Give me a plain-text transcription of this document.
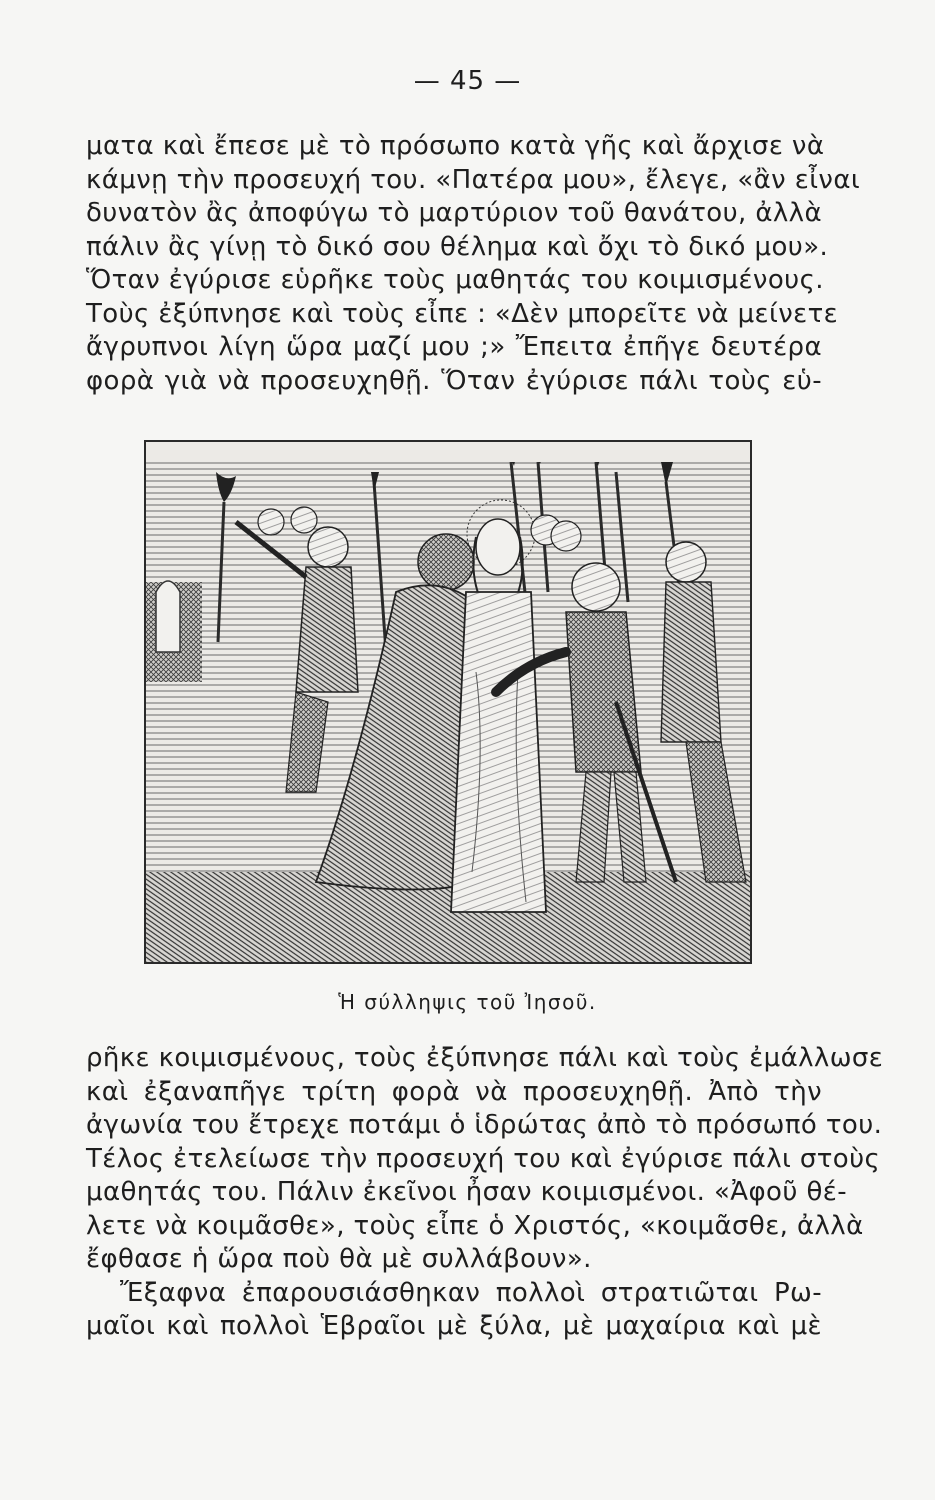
— 45 —

ματα καὶ ἔπεσε μὲ τὸ πρόσωπο κατὰ γῆς καὶ ἄρχισε νὰ
κάμνῃ τὴν προσευχή του. «Πατέρα μου», ἔλεγε, «ἂν εἶναι
δυνατὸν ἂς ἀποφύγω τὸ μαρτύριον τοῦ θανάτου, ἀλλὰ
πάλιν ἂς γίνῃ τὸ δικό σου θέλημα καὶ ὄχι τὸ δικό μου».
Ὅταν ἐγύρισε εὑρῆκε τοὺς μαθητάς του κοιμισμένους.
Τοὺς ἐξύπνησε καὶ τοὺς εἶπε : «Δὲν μπορεῖτε νὰ μείνετε
ἄγρυπνοι λίγη ὥρα μαζί μου ;» Ἔπειτα ἐπῆγε δευτέρα
φορὰ γιὰ νὰ προσευχηθῇ. Ὅταν ἐγύρισε πάλι τοὺς εὑ-

Ἡ σύλληψις τοῦ Ἰησοῦ.

ρῆκε κοιμισμένους, τοὺς ἐξύπνησε πάλι καὶ τοὺς ἐμάλλωσε
καὶ ἐξαναπῆγε τρίτη φορὰ νὰ προσευχηθῇ. Ἀπὸ τὴν
ἀγωνία του ἔτρεχε ποτάμι ὁ ἱδρώτας ἀπὸ τὸ πρόσωπό του.
Τέλος ἐτελείωσε τὴν προσευχή του καὶ ἐγύρισε πάλι στοὺς
μαθητάς του. Πάλιν ἐκεῖνοι ἦσαν κοιμισμένοι. «Ἀφοῦ θέ-
λετε νὰ κοιμᾶσθε», τοὺς εἶπε ὁ Χριστός, «κοιμᾶσθε, ἀλλὰ
ἔφθασε ἡ ὥρα ποὺ θὰ μὲ συλλάβουν».
Ἔξαφνα ἐπαρουσιάσθηκαν πολλοὶ στρατιῶται Ρω-
μαῖοι καὶ πολλοὶ Ἑβραῖοι μὲ ξύλα, μὲ μαχαίρια καὶ μὲ
